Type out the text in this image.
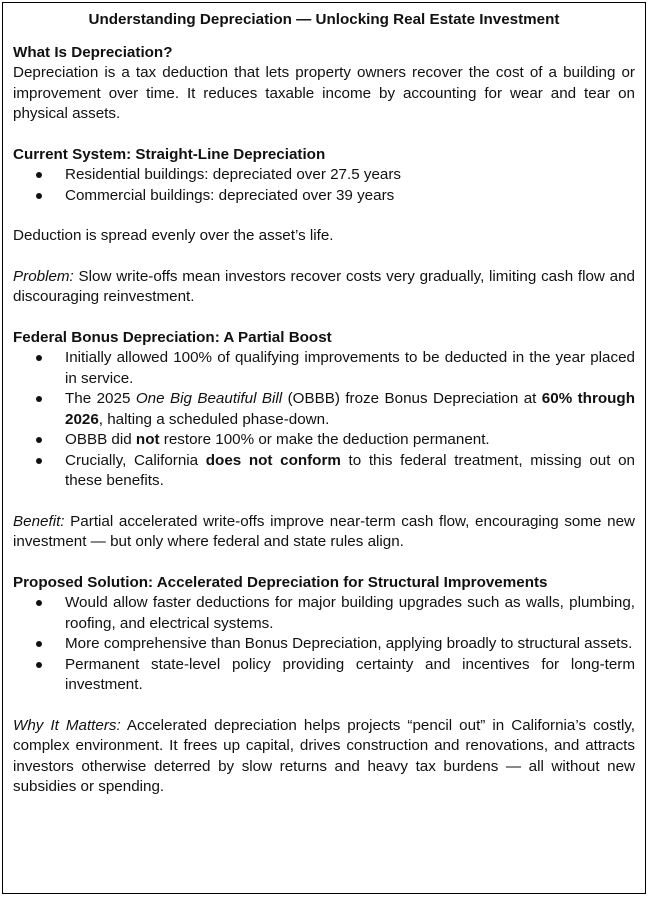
Understanding Depreciation — Unlocking Real Estate Investment

What Is Depreciation?

Depreciation is a tax deduction that lets property owners recover the cost of a building or improvement over time. It reduces taxable income by accounting for wear and tear on physical assets.

Current System: Straight-Line Depreciation

Residential buildings: depreciated over 27.5 years
Commercial buildings: depreciated over 39 years

Deduction is spread evenly over the asset’s life.

Problem: Slow write-offs mean investors recover costs very gradually, limiting cash flow and discouraging reinvestment.

Federal Bonus Depreciation: A Partial Boost

Initially allowed 100% of qualifying improvements to be deducted in the year placed in service.
The 2025 One Big Beautiful Bill (OBBB) froze Bonus Depreciation at 60% through 2026, halting a scheduled phase-down.
OBBB did not restore 100% or make the deduction permanent.
Crucially, California does not conform to this federal treatment, missing out on these benefits.

Benefit: Partial accelerated write-offs improve near-term cash flow, encouraging some new investment — but only where federal and state rules align.

Proposed Solution: Accelerated Depreciation for Structural Improvements

Would allow faster deductions for major building upgrades such as walls, plumbing, roofing, and electrical systems.
More comprehensive than Bonus Depreciation, applying broadly to structural assets.
Permanent state-level policy providing certainty and incentives for long-term investment.

Why It Matters: Accelerated depreciation helps projects “pencil out” in California’s costly, complex environment. It frees up capital, drives construction and renovations, and attracts investors otherwise deterred by slow returns and heavy tax burdens — all without new subsidies or spending.
